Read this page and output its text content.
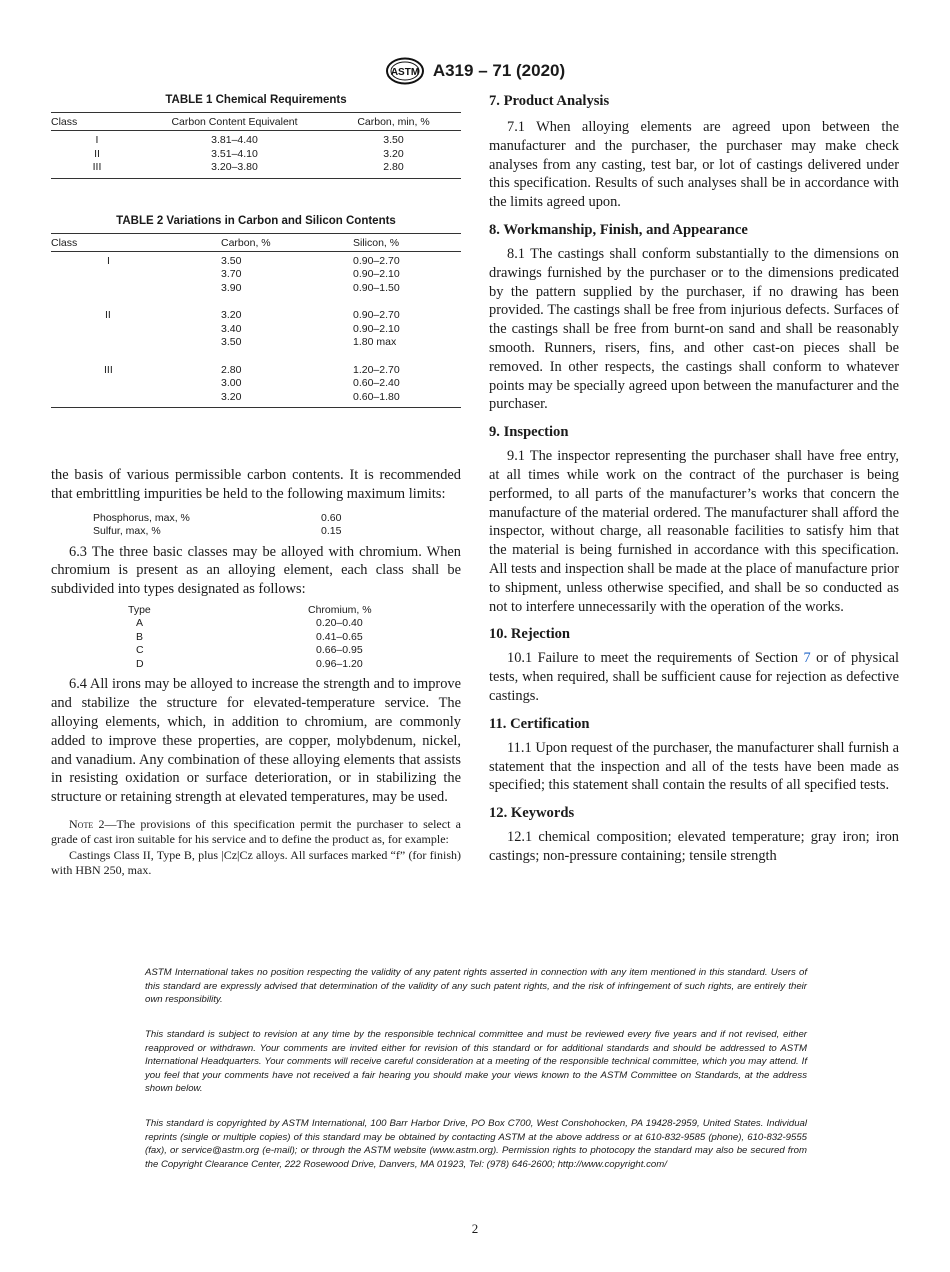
ASTM A319 – 71 (2020)
TABLE 1 Chemical Requirements
Class	Carbon Content Equivalent	Carbon, min, %
I	3.81–4.40	3.50
II	3.51–4.10	3.20
III	3.20–3.80	2.80
TABLE 2 Variations in Carbon and Silicon Contents
Class	Carbon, %	Silicon, %
I	3.50	0.90–2.70
	3.70	0.90–2.10
	3.90	0.90–1.50

II	3.20	0.90–2.70
	3.40	0.90–2.10
	3.50	1.80 max

III	2.80	1.20–2.70
	3.00	0.60–2.40
	3.20	0.60–1.80

the basis of various permissible carbon contents. It is recommended that embrittling impurities be held to the following maximum limits:

Phosphorus, max, %	0.60
Sulfur, max, %	0.15

6.3 The three basic classes may be alloyed with chromium. When chromium is present as an alloying element, each class shall be subdivided into types designated as follows:

Type	Chromium, %
A	0.20–0.40
B	0.41–0.65
C	0.66–0.95
D	0.96–1.20

6.4 All irons may be alloyed to increase the strength and to improve and stabilize the structure for elevated-temperature service. The alloying elements, which, in addition to chromium, are commonly added to improve these properties, are copper, molybdenum, nickel, and vanadium. Any combination of these alloying elements that assists in resisting oxidation or surface deterioration, or in stabilizing the structure or retaining strength at elevated temperatures, may be used.

Note 2—The provisions of this specification permit the purchaser to select a grade of cast iron suitable for his service and to define the product as, for example:

Castings Class II, Type B, plus |Cz|Cz alloys. All surfaces marked “f” (for finish) with HBN 250, max.

7. Product Analysis

7.1 When alloying elements are agreed upon between the manufacturer and the purchaser, the purchaser may make check analyses from any casting, test bar, or lot of castings delivered under this specification. Results of such analyses shall be in accordance with the limits agreed upon.

8. Workmanship, Finish, and Appearance

8.1 The castings shall conform substantially to the dimensions on drawings furnished by the purchaser or to the dimensions predicated by the pattern supplied by the purchaser, if no drawing has been provided. The castings shall be free from injurious defects. Surfaces of the castings shall be free from burnt-on sand and shall be reasonably smooth. Runners, risers, fins, and other cast-on pieces shall be removed. In other respects, the castings shall conform to whatever points may be specially agreed upon between the manufacturer and the purchaser.

9. Inspection

9.1 The inspector representing the purchaser shall have free entry, at all times while work on the contract of the purchaser is being performed, to all parts of the manufacturer’s works that concern the manufacture of the material ordered. The manufacturer shall afford the inspector, without charge, all reasonable facilities to satisfy him that the material is being furnished in accordance with this specification. All tests and inspection shall be made at the place of manufacture prior to shipment, unless otherwise specified, and shall be so conducted as not to interfere unnecessarily with the operation of the works.

10. Rejection

10.1 Failure to meet the requirements of Section 7 or of physical tests, when required, shall be sufficient cause for rejection as defective castings.

11. Certification

11.1 Upon request of the purchaser, the manufacturer shall furnish a statement that the inspection and all of the tests have been made as specified; this statement shall contain the results of all specified tests.

12. Keywords

12.1 chemical composition; elevated temperature; gray iron; iron castings; non-pressure containing; tensile strength

ASTM International takes no position respecting the validity of any patent rights asserted in connection with any item mentioned in this standard. Users of this standard are expressly advised that determination of the validity of any such patent rights, and the risk of infringement of such rights, are entirely their own responsibility.

This standard is subject to revision at any time by the responsible technical committee and must be reviewed every five years and if not revised, either reapproved or withdrawn. Your comments are invited either for revision of this standard or for additional standards and should be addressed to ASTM International Headquarters. Your comments will receive careful consideration at a meeting of the responsible technical committee, which you may attend. If you feel that your comments have not received a fair hearing you should make your views known to the ASTM Committee on Standards, at the address shown below.

This standard is copyrighted by ASTM International, 100 Barr Harbor Drive, PO Box C700, West Conshohocken, PA 19428-2959, United States. Individual reprints (single or multiple copies) of this standard may be obtained by contacting ASTM at the above address or at 610-832-9585 (phone), 610-832-9555 (fax), or service@astm.org (e-mail); or through the ASTM website (www.astm.org). Permission rights to photocopy the standard may also be secured from the Copyright Clearance Center, 222 Rosewood Drive, Danvers, MA 01923, Tel: (978) 646-2600; http://www.copyright.com/

2
